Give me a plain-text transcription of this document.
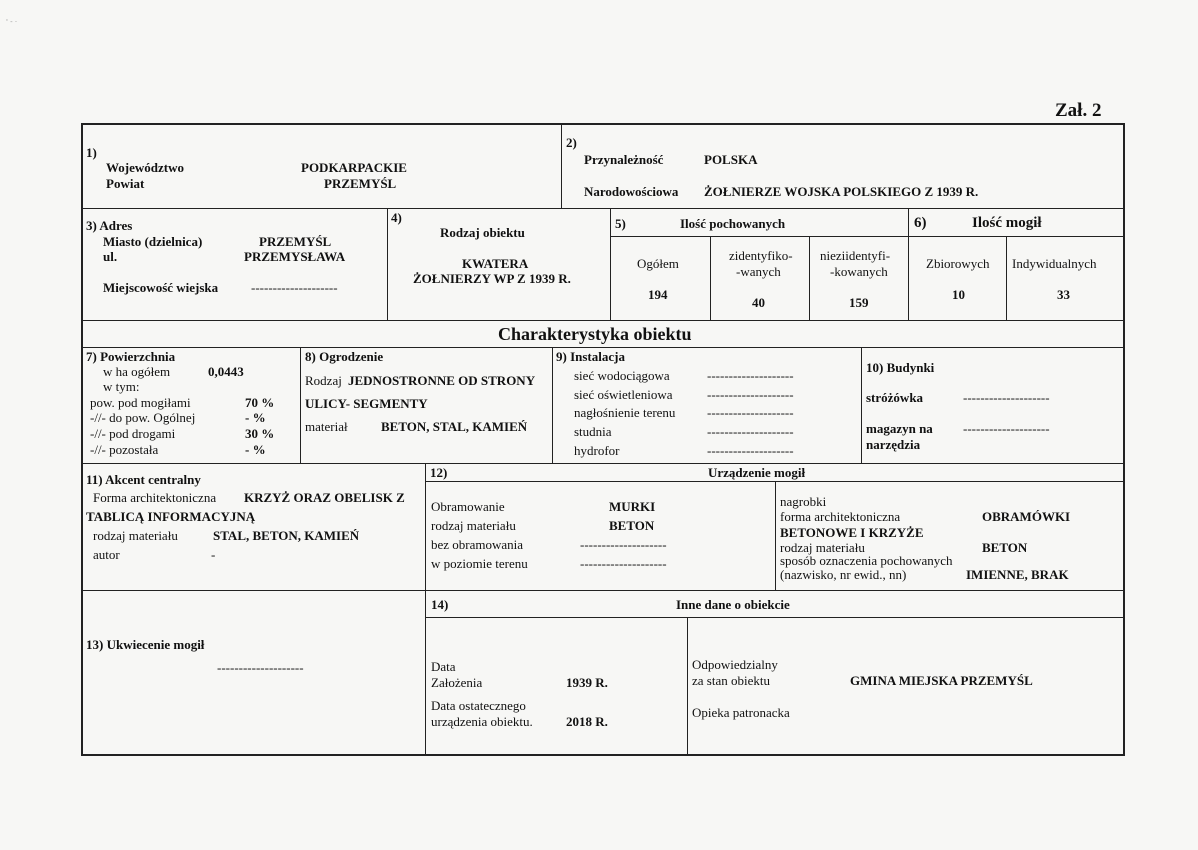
' - ·
Zał. 2
1)
Województwo	PODKARPACKIE
Powiat	PRZEMYŚL
2)
Przynależność	POLSKA
Narodowościowa ŻOŁNIERZE WOJSKA POLSKIEGO Z 1939 R.
3) Adres
Miasto (dzielnica)	PRZEMYŚL
ul.	PRZEMYSŁAWA
Miejscowość wiejska	--------------------
4)
Rodzaj obiektu
KWATERA
ŻOŁNIERZY WP Z 1939 R.
5)	Ilość pochowanych
Ogółem
194
zidentyfiko-
-wanych
40
nieziidentyfi-
-kowanych
159
6)	Ilość mogił
Zbiorowych
10
Indywidualnych
33
Charakterystyka obiektu
7) Powierzchnia
w ha ogółem	0,0443
w tym:
pow. pod mogiłami	70 %
-//- do pow. Ogólnej	- %
-//- pod drogami	30 %
-//- pozostała	- %
8) Ogrodzenie
Rodzaj JEDNOSTRONNE OD STRONY
ULICY- SEGMENTY
materiał	BETON, STAL, KAMIEŃ
9) Instalacja
sieć wodociągowa	--------------------
sieć oświetleniowa	--------------------
nagłośnienie terenu --------------------
studnia	--------------------
hydrofor	--------------------
10) Budynki
stróżówka	--------------------
magazyn na
narzędzia
--------------------
11) Akcent centralny
Forma architektoniczna KRZYŻ ORAZ OBELISK Z
TABLICĄ INFORMACYJNĄ
rodzaj materiału	STAL, BETON, KAMIEŃ
autor	-
12)	Urządzenie mogił
Obramowanie	MURKI
rodzaj materiału	BETON
bez obramowania	--------------------
w poziomie terenu	--------------------
nagrobki
forma architektoniczna	OBRAMÓWKI
BETONOWE I KRZYŻE
rodzaj materiału	BETON
sposób oznaczenia pochowanych
(nazwisko, nr ewid., nn)	IMIENNE, BRAK
13) Ukwiecenie mogił
--------------------
14)	Inne dane o obiekcie
Data
Założenia	1939 R.
Data ostatecznego
urządzenia obiektu.	2018 R.
Odpowiedzialny
za stan obiektu	GMINA MIEJSKA PRZEMYŚL
Opieka patronacka
